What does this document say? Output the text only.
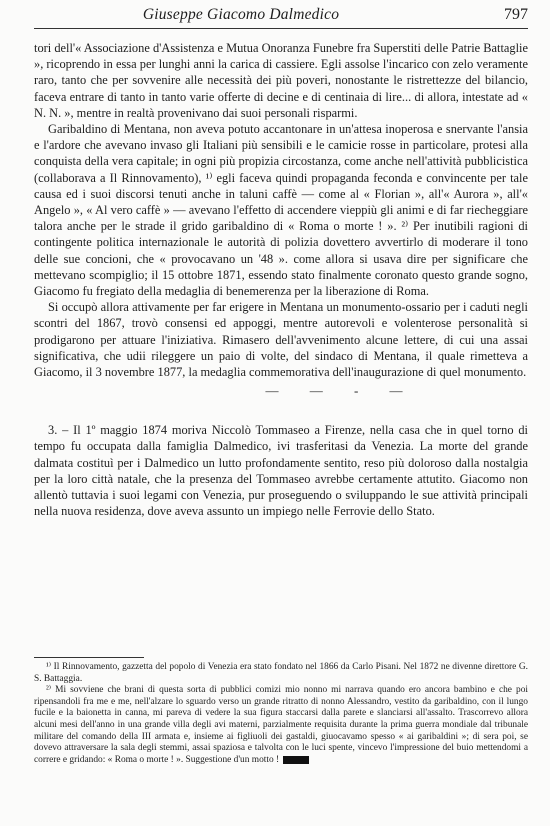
Giuseppe Giacomo Dalmedico	797

tori dell'« Associazione d'Assistenza e Mutua Onoranza Funebre fra Superstiti delle Patrie Battaglie », ricoprendo in essa per lunghi anni la carica di cassiere. Egli assolse l'incarico con zelo veramente raro, tanto che per sovvenire alle necessità dei più poveri, nonostante le ristrettezze del bilancio, faceva entrare di tanto in tanto varie offerte di decine e di centinaia di lire... di allora, intestate ad « N. N. », mentre in realtà provenivano dai suoi personali risparmi.

Garibaldino di Mentana, non aveva potuto accantonare in un'attesa inoperosa e snervante l'ansia e l'ardore che avevano invaso gli Italiani più sensibili e le camicie rosse in particolare, protesi alla conquista della vera capitale; in ogni più propizia circostanza, come anche nell'attività pubblicistica (collaborava a Il Rinnovamento), ¹⁾ egli faceva quindi propaganda feconda e convincente per tale causa ed i suoi discorsi tenuti anche in taluni caffè — come al « Florian », all'« Aurora », all'« Angelo », « Al vero caffè » — avevano l'effetto di accendere vieppiù gli animi e di far riecheggiare talora anche per le strade il grido garibaldino di « Roma o morte ! ». ²⁾ Per inutibili ragioni di contingente politica internazionale le autorità di polizia dovettero avvertirlo di moderare il tono delle sue concioni, che « provocavano un '48 ». come allora si usava dire per significare che mettevano scompiglio; il 15 ottobre 1871, essendo stato finalmente coronato questo grande sogno, Giacomo fu fregiato della medaglia di benemerenza per la liberazione di Roma.

Si occupò allora attivamente per far erigere in Mentana un monumento-ossario per i caduti negli scontri del 1867, trovò consensi ed appoggi, mentre autorevoli e volenterose personalità si prodigarono per attuare l'iniziativa. Rimasero dell'avvenimento alcune lettere, di cui una assai significativa, che udii rileggere un paio di volte, del sindaco di Mentana, il quale rimetteva a Giacomo, il 3 novembre 1877, la medaglia commemorativa dell'inaugurazione di quel monumento.

— — ‑ —

3. – Il 1º maggio 1874 moriva Niccolò Tommaseo a Firenze, nella casa che in quel torno di tempo fu occupata dalla famiglia Dalmedico, ivi trasferitasi da Venezia. La morte del grande dalmata costituì per i Dalmedico un lutto profondamente sentito, reso più doloroso dalla nostalgia per la loro città natale, che la presenza del Tommaseo avrebbe certamente attutito. Giacomo non allentò tuttavia i suoi legami con Venezia, pur proseguendo o sviluppando le sue attività principali nella nuova residenza, dove aveva assunto un impiego nelle Ferrovie dello Stato.

¹⁾ Il Rinnovamento, gazzetta del popolo di Venezia era stato fondato nel 1866 da Carlo Pisani. Nel 1872 ne divenne direttore G. S. Battaggia.

²⁾ Mi sovviene che brani di questa sorta di pubblici comizi mio nonno mi narrava quando ero ancora bambino e che poi ripensandoli fra me e me, nell'alzare lo sguardo verso un grande ritratto di nonno Alessandro, vestito da garibaldino, con il lungo fucile e la baionetta in canna, mi pareva di vedere la sua figura staccarsi dalla parete e slanciarsi all'assalto. Trascorrevo allora alcuni mesi dell'anno in una grande villa degli avi materni, parzialmente requisita durante la prima guerra mondiale dal tribunale militare del comando della III armata e, insieme ai figliuoli dei gastaldi, giuocavamo spesso « ai garibaldini »; di sera poi, se dovevo attraversare la sala degli stemmi, assai spaziosa e talvolta con le luci spente, vincevo l'impressione del buio mettendomi a correre e gridando: « Roma o morte ! ». Suggestione d'un motto !
